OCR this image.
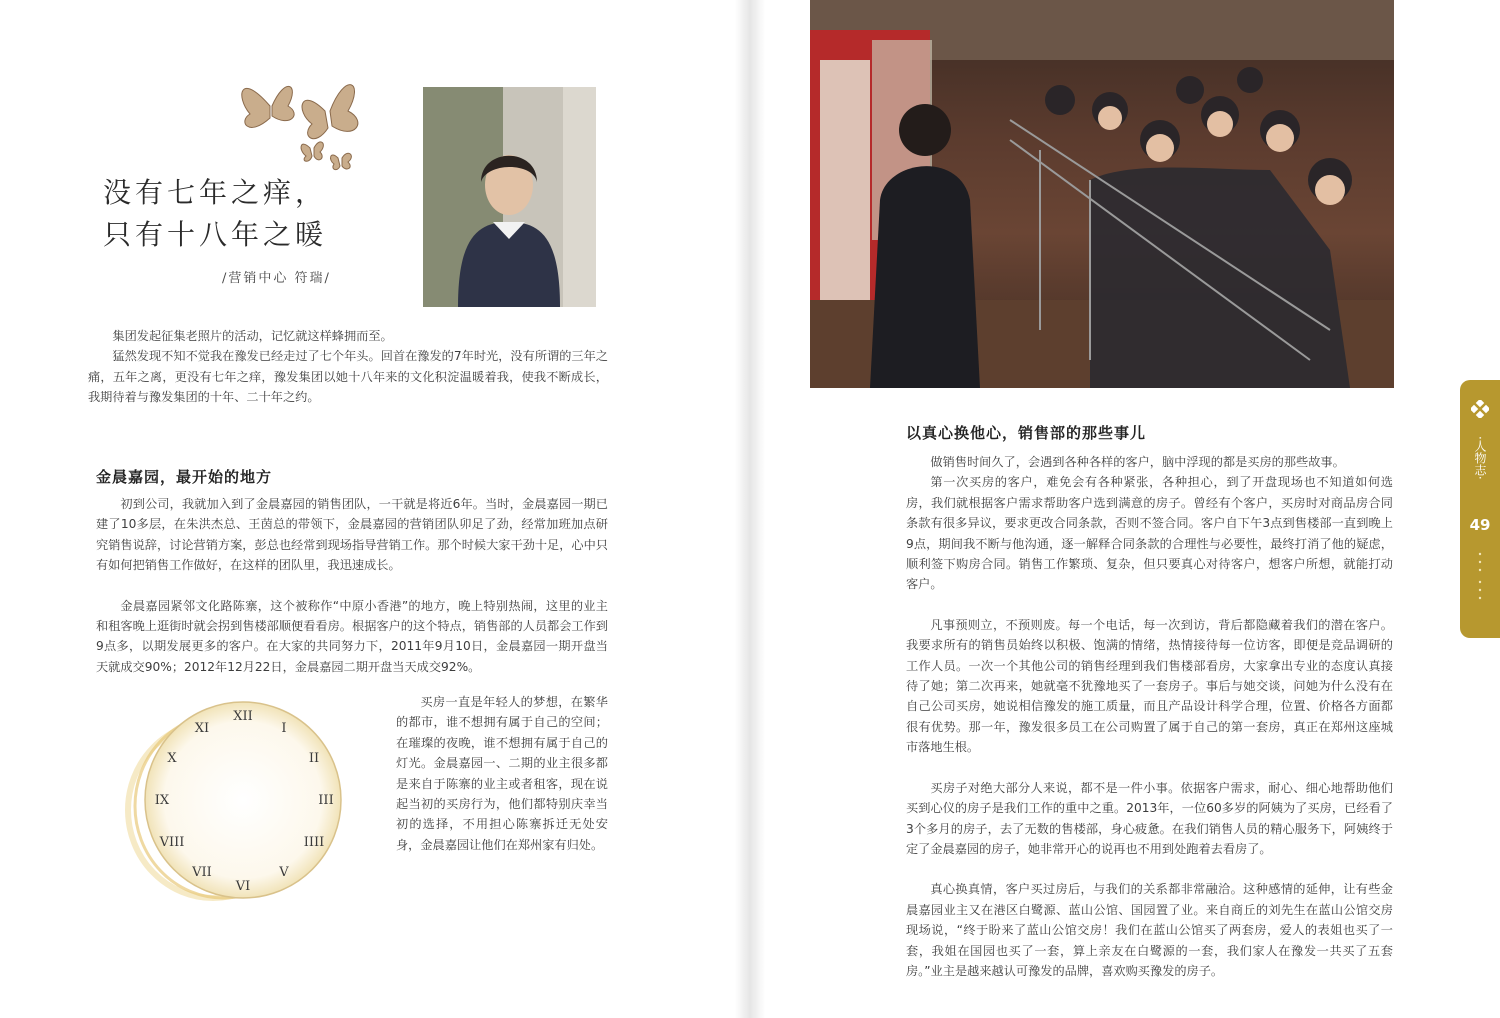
没有七年之痒，
只有十八年之暖
/营销中心 符瑞/

集团发起征集老照片的活动，记忆就这样蜂拥而至。

猛然发现不知不觉我在豫发已经走过了七个年头。回首在豫发的7年时光，没有所谓的三年之痛，五年之离，更没有七年之痒，豫发集团以她十八年来的文化积淀温暖着我，使我不断成长，我期待着与豫发集团的十年、二十年之约。

金晨嘉园，最开始的地方

初到公司，我就加入到了金晨嘉园的销售团队，一干就是将近6年。当时，金晨嘉园一期已建了10多层，在朱洪杰总、王茵总的带领下，金晨嘉园的营销团队卯足了劲，经常加班加点研究销售说辞，讨论营销方案，彭总也经常到现场指导营销工作。那个时候大家干劲十足，心中只有如何把销售工作做好，在这样的团队里，我迅速成长。

金晨嘉园紧邻文化路陈寨，这个被称作“中原小香港”的地方，晚上特别热闹，这里的业主和租客晚上逛街时就会拐到售楼部顺便看看房。根据客户的这个特点，销售部的人员都会工作到9点多，以期发展更多的客户。在大家的共同努力下，2011年9月10日，金晨嘉园一期开盘当天就成交90%；2012年12月22日，金晨嘉园二期开盘当天成交92%。

XII
I
II
III
IIII
V
VI
VII
VIII
IX
X
XI

买房一直是年轻人的梦想，在繁华的都市，谁不想拥有属于自己的空间；在璀璨的夜晚，谁不想拥有属于自己的灯光。金晨嘉园一、二期的业主很多都是来自于陈寨的业主或者租客，现在说起当初的买房行为，他们都特别庆幸当初的选择，不用担心陈寨拆迁无处安身，金晨嘉园让他们在郑州家有归处。

以真心换他心，销售部的那些事儿

做销售时间久了，会遇到各种各样的客户，脑中浮现的都是买房的那些故事。

第一次买房的客户，难免会有各种紧张，各种担心，到了开盘现场也不知道如何选房，我们就根据客户需求帮助客户选到满意的房子。曾经有个客户，买房时对商品房合同条款有很多异议，要求更改合同条款，否则不签合同。客户自下午3点到售楼部一直到晚上9点，期间我不断与他沟通，逐一解释合同条款的合理性与必要性，最终打消了他的疑虑，顺利签下购房合同。销售工作繁琐、复杂，但只要真心对待客户，想客户所想，就能打动客户。

凡事预则立，不预则废。每一个电话，每一次到访，背后都隐藏着我们的潜在客户。我要求所有的销售员始终以积极、饱满的情绪，热情接待每一位访客，即便是竞品调研的工作人员。一次一个其他公司的销售经理到我们售楼部看房，大家拿出专业的态度认真接待了她；第二次再来，她就毫不犹豫地买了一套房子。事后与她交谈，问她为什么没有在自己公司买房，她说相信豫发的施工质量，而且产品设计科学合理，位置、价格各方面都很有优势。那一年，豫发很多员工在公司购置了属于自己的第一套房，真正在郑州这座城市落地生根。

买房子对绝大部分人来说，都不是一件小事。依据客户需求，耐心、细心地帮助他们买到心仪的房子是我们工作的重中之重。2013年，一位60多岁的阿姨为了买房，已经看了3个多月的房子，去了无数的售楼部，身心疲惫。在我们销售人员的精心服务下，阿姨终于定了金晨嘉园的房子，她非常开心的说再也不用到处跑着去看房了。

真心换真情，客户买过房后，与我们的关系都非常融洽。这种感情的延伸，让有些金晨嘉园业主又在港区白鹭源、蓝山公馆、国园置了业。来自商丘的刘先生在蓝山公馆交房现场说，“终于盼来了蓝山公馆交房！我们在蓝山公馆买了两套房，爱人的表姐也买了一套，我姐在国园也买了一套，算上亲友在白鹭源的一套，我们家人在豫发一共买了五套房。”业主是越来越认可豫发的品牌，喜欢购买豫发的房子。

·人物志·
49
